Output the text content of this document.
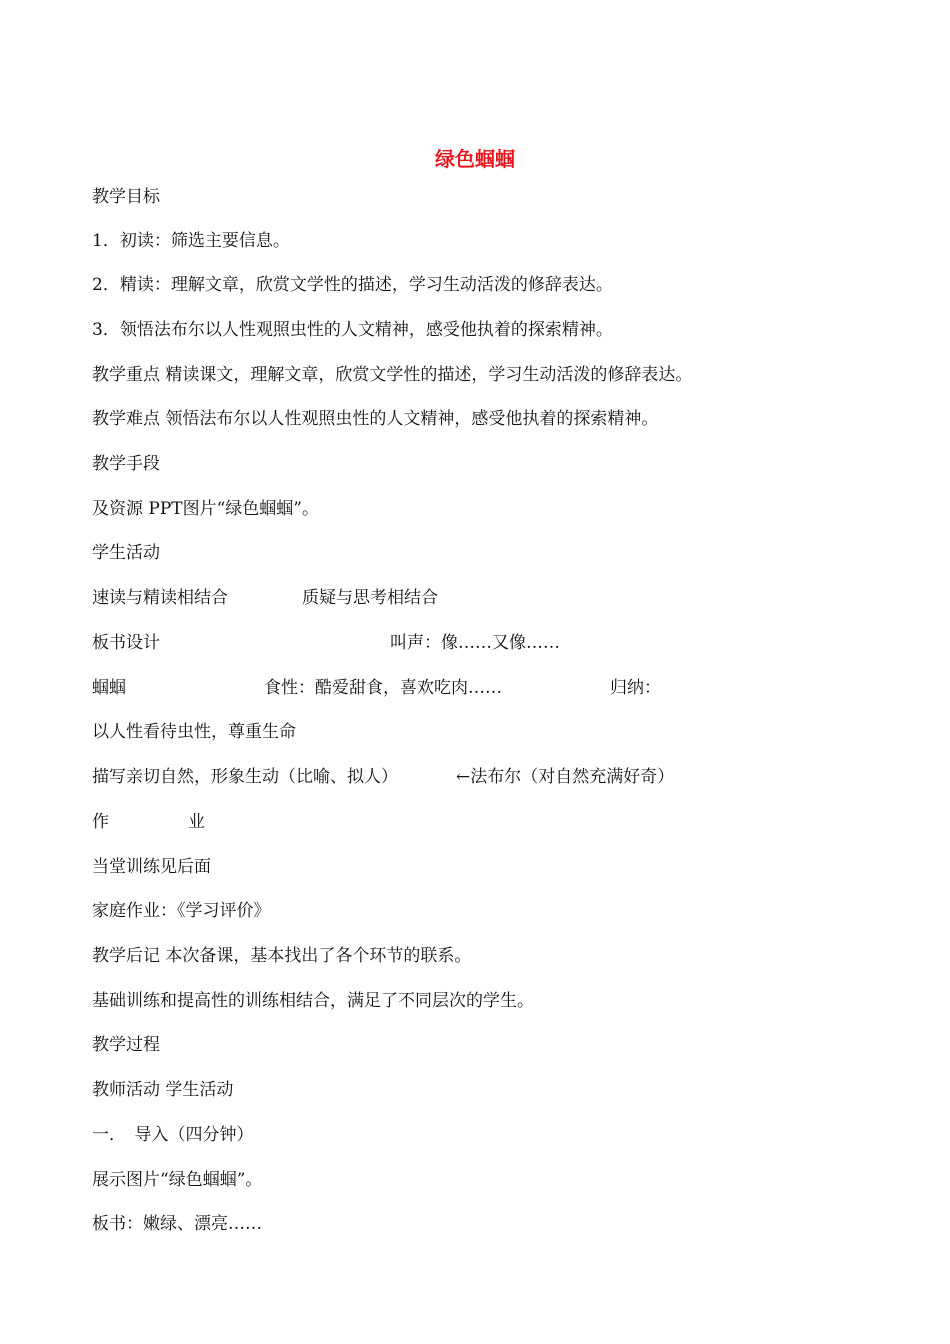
绿色蝈蝈
教学目标
1．初读：筛选主要信息。
2．精读：理解文章，欣赏文学性的描述，学习生动活泼的修辞表达。
3．领悟法布尔以人性观照虫性的人文精神，感受他执着的探索精神。
教学重点 精读课文，理解文章，欣赏文学性的描述，学习生动活泼的修辞表达。
教学难点 领悟法布尔以人性观照虫性的人文精神，感受他执着的探索精神。
教学手段
及资源 PPT图片“绿色蝈蝈”。
学生活动
速读与精读相结合	质疑与思考相结合
板书设计	叫声：像……又像……
蝈蝈	食性：酷爱甜食，喜欢吃肉……	归纳：
以人性看待虫性，尊重生命
描写亲切自然，形象生动（比喻、拟人）	←法布尔（对自然充满好奇）
作	业
当堂训练见后面
家庭作业：《学习评价》
教学后记 本次备课，基本找出了各个环节的联系。
基础训练和提高性的训练相结合，满足了不同层次的学生。
教学过程
教师活动 学生活动
一．　导入（四分钟）
展示图片“绿色蝈蝈”。
板书：嫩绿、漂亮……
